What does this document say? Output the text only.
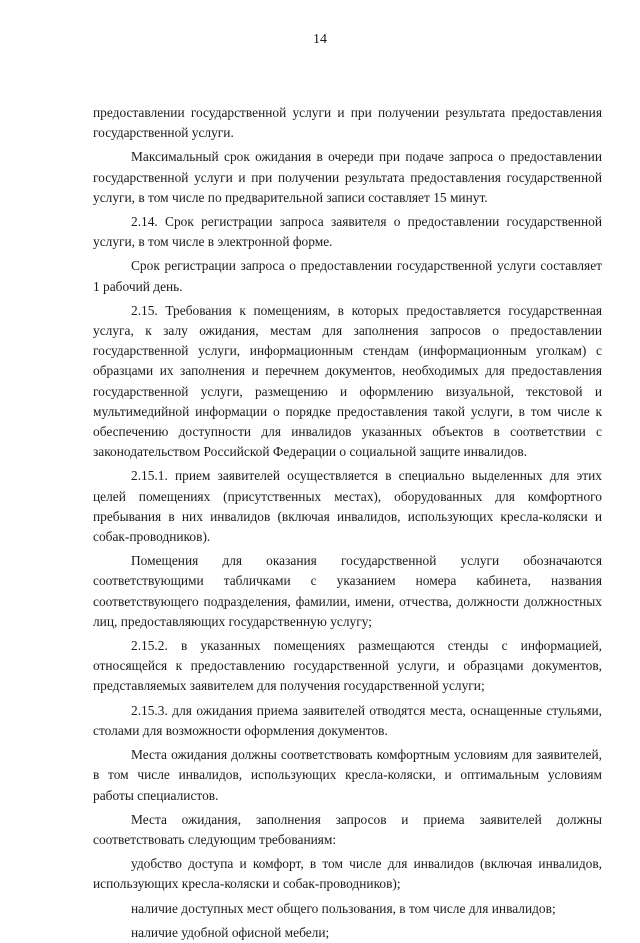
14

предоставлении государственной услуги и при получении результата предоставления государственной услуги.

Максимальный срок ожидания в очереди при подаче запроса о предоставлении государственной услуги и при получении результата предоставления государственной услуги, в том числе по предварительной записи составляет 15 минут.

2.14. Срок регистрации запроса заявителя о предоставлении государственной услуги, в том числе в электронной форме.

Срок регистрации запроса о предоставлении государственной услуги составляет 1 рабочий день.

2.15. Требования к помещениям, в которых предоставляется государственная услуга, к залу ожидания, местам для заполнения запросов о предоставлении государственной услуги, информационным стендам (информационным уголкам) с образцами их заполнения и перечнем документов, необходимых для предоставления государственной услуги, размещению и оформлению визуальной, текстовой и мультимедийной информации о порядке предоставления такой услуги, в том числе к обеспечению доступности для инвалидов указанных объектов в соответствии с законодательством Российской Федерации о социальной защите инвалидов.

2.15.1. прием заявителей осуществляется в специально выделенных для этих целей помещениях (присутственных местах), оборудованных для комфортного пребывания в них инвалидов (включая инвалидов, использующих кресла-коляски и собак-проводников).

Помещения для оказания государственной услуги обозначаются соответствующими табличками с указанием номера кабинета, названия соответствующего подразделения, фамилии, имени, отчества, должности должностных лиц, предоставляющих государственную услугу;

2.15.2. в указанных помещениях размещаются стенды с информацией, относящейся к предоставлению государственной услуги, и образцами документов, представляемых заявителем для получения государственной услуги;

2.15.3. для ожидания приема заявителей отводятся места, оснащенные стульями, столами для возможности оформления документов.

Места ожидания должны соответствовать комфортным условиям для заявителей, в том числе инвалидов, использующих кресла-коляски, и оптимальным условиям работы специалистов.

Места ожидания, заполнения запросов и приема заявителей должны соответствовать следующим требованиям:

удобство доступа и комфорт, в том числе для инвалидов (включая инвалидов, использующих кресла-коляски и собак-проводников);

наличие доступных мест общего пользования, в том числе для инвалидов;

наличие удобной офисной мебели;
